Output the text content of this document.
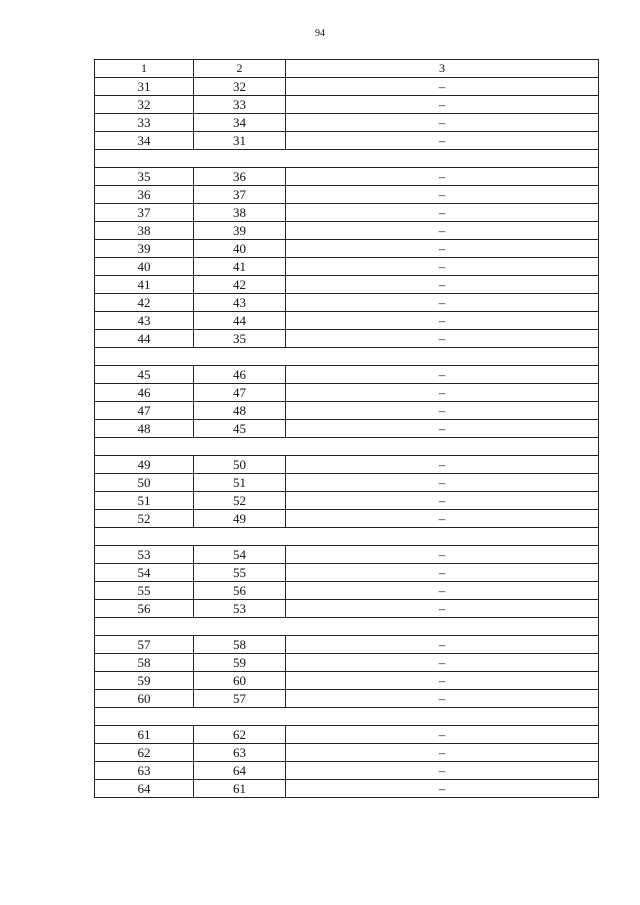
94
1	2	3
31	32	–
32	33	–
33	34	–
34	31	–

35	36	–
36	37	–
37	38	–
38	39	–
39	40	–
40	41	–
41	42	–
42	43	–
43	44	–
44	35	–

45	46	–
46	47	–
47	48	–
48	45	–

49	50	–
50	51	–
51	52	–
52	49	–

53	54	–
54	55	–
55	56	–
56	53	–

57	58	–
58	59	–
59	60	–
60	57	–

61	62	–
62	63	–
63	64	–
64	61	–
